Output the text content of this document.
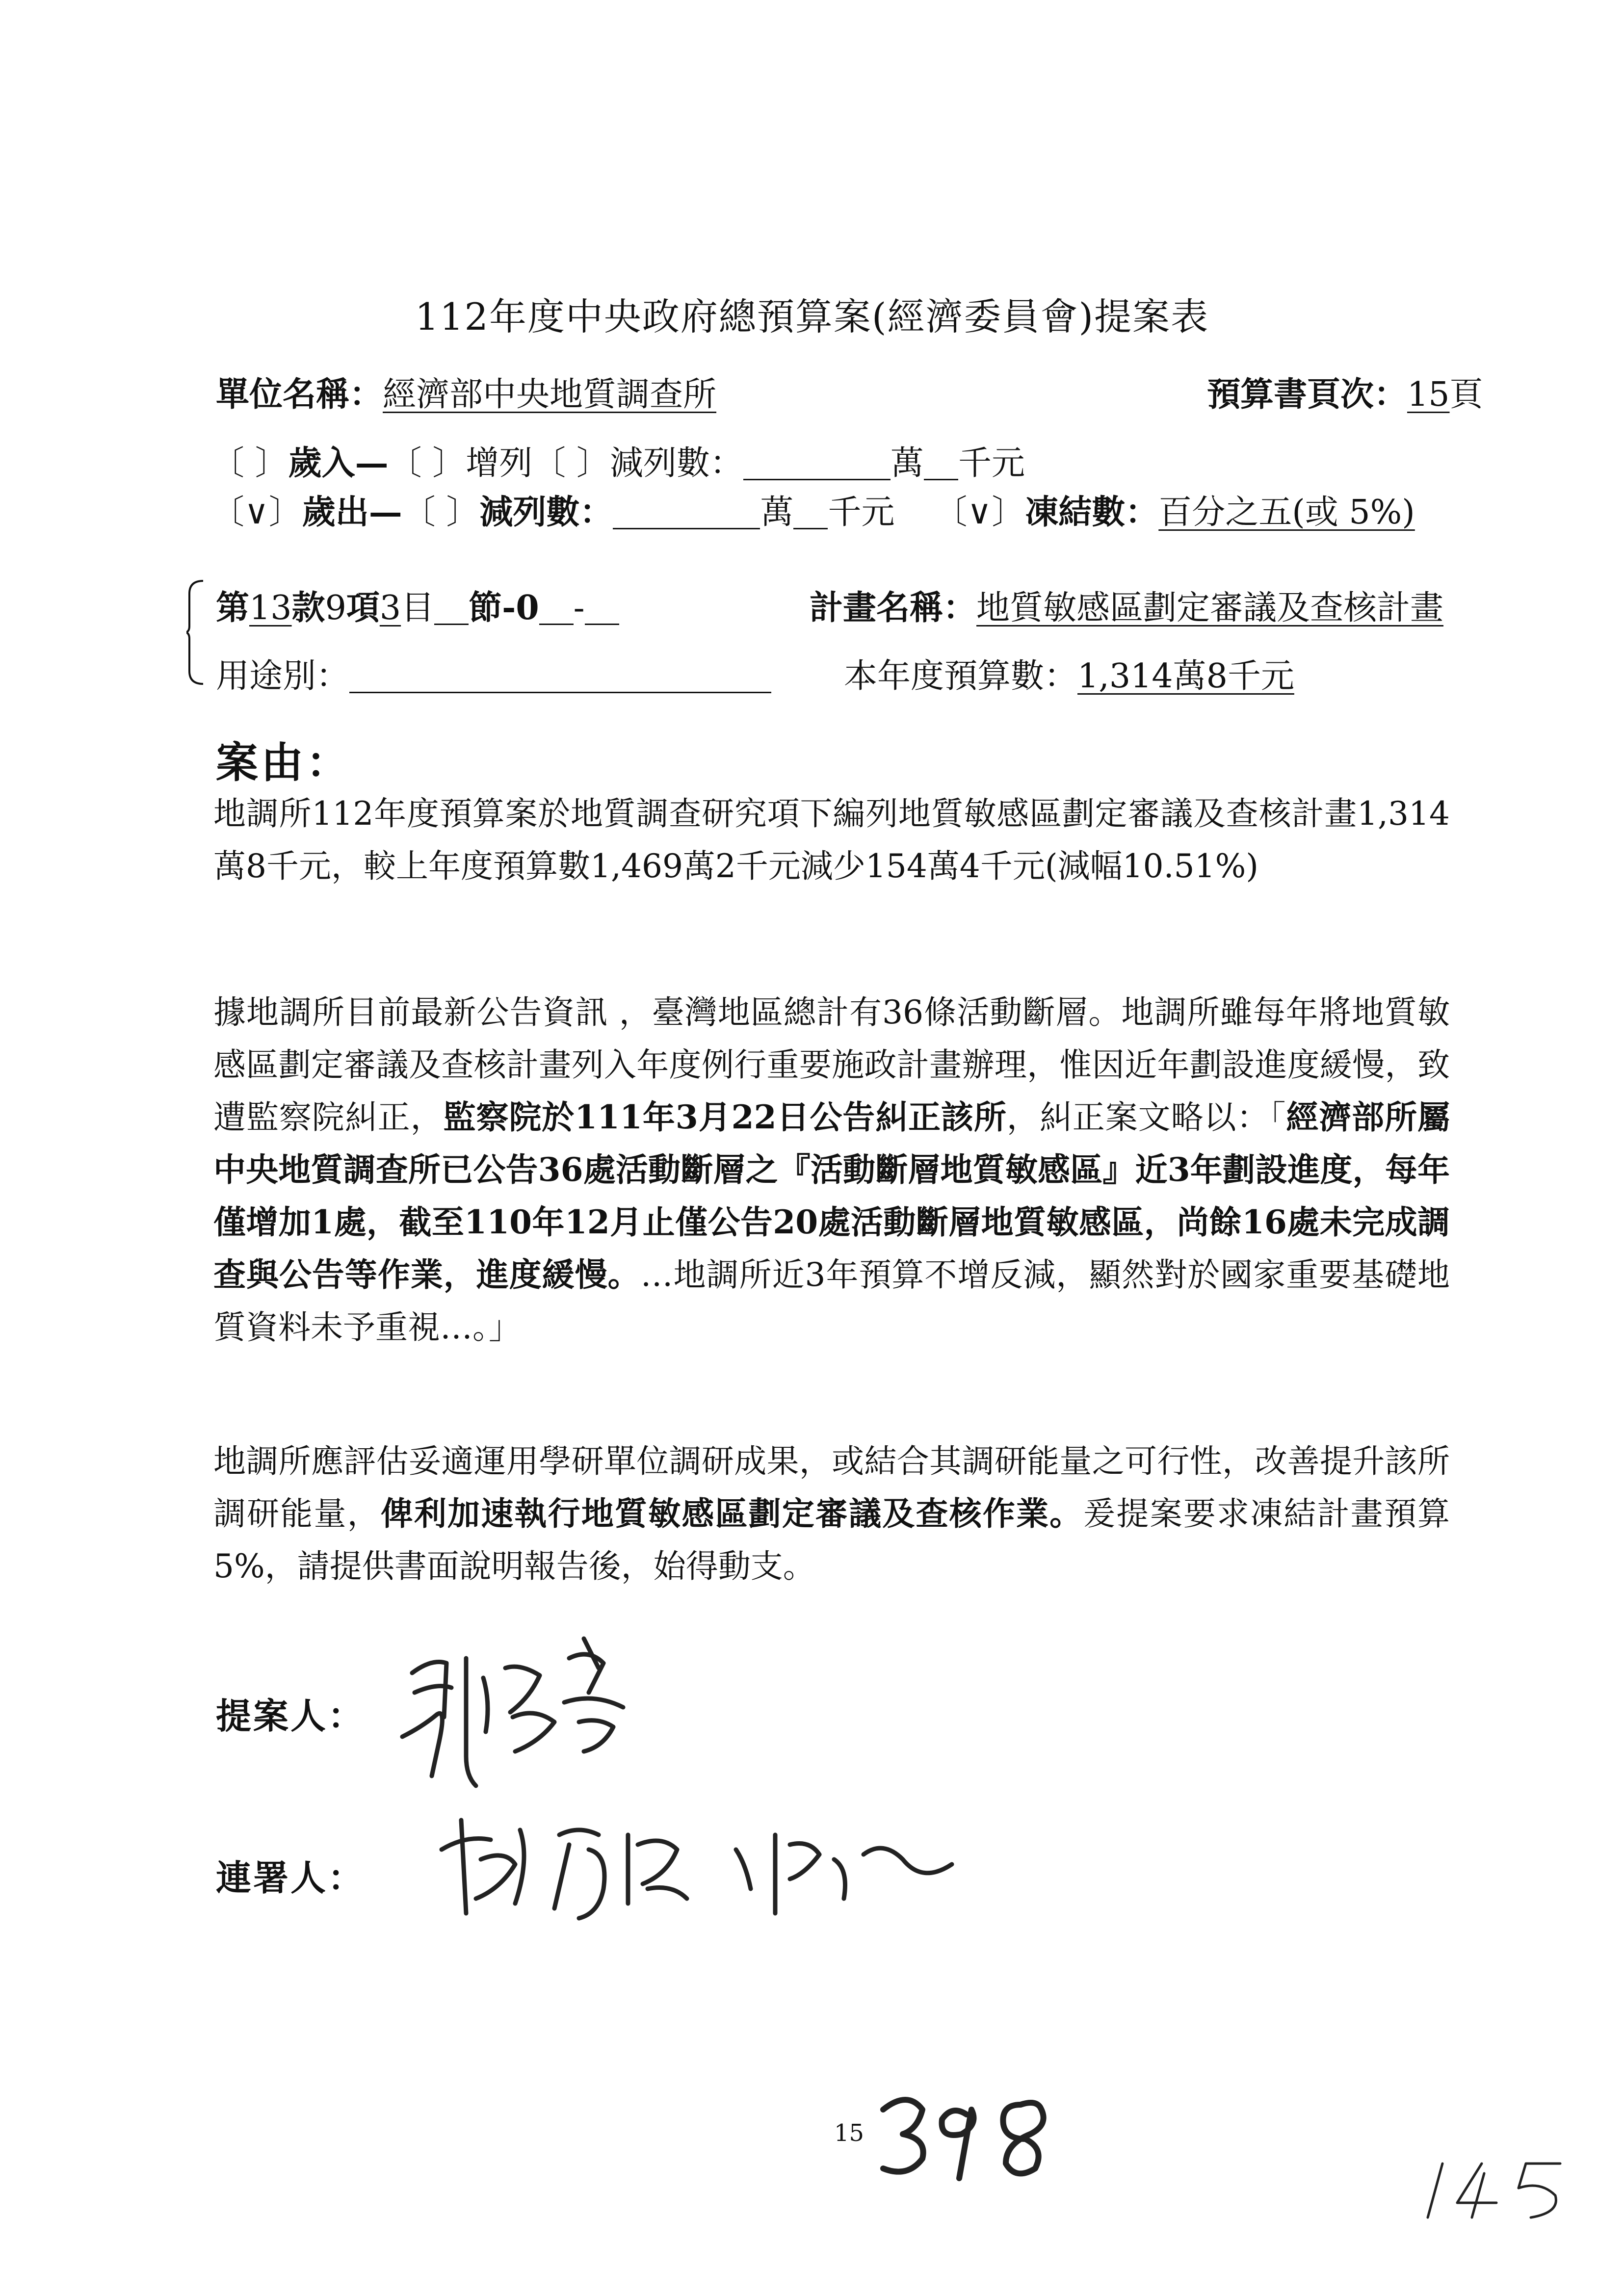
112年度中央政府總預算案(經濟委員會)提案表
單位名稱：經濟部中央地質調查所	預算書頁次：15頁
〔 〕歲入—〔 〕增列〔 〕減列數：	萬 千元
〔∨〕歲出—〔 〕減列數：	萬 千元 〔∨〕凍結數：百分之五(或 5%)
第13款9項3目 節-0 -	計畫名稱：地質敏感區劃定審議及查核計畫
用途別：	本年度預算數：1,314萬8千元
案由：

地調所112年度預算案於地質調查研究項下編列地質敏感區劃定審議及查核計畫1,314萬8千元，較上年度預算數1,469萬2千元減少154萬4千元(減幅10.51%)

據地調所目前最新公告資訊 ，臺灣地區總計有36條活動斷層。地調所雖每年將地質敏感區劃定審議及查核計畫列入年度例行重要施政計畫辦理，惟因近年劃設進度緩慢，致遭監察院糾正，監察院於111年3月22日公告糾正該所，糾正案文略以：「經濟部所屬中央地質調查所已公告36處活動斷層之『活動斷層地質敏感區』近3年劃設進度，每年僅增加1處，截至110年12月止僅公告20處活動斷層地質敏感區，尚餘16處未完成調查與公告等作業，進度緩慢。…地調所近3年預算不增反減，顯然對於國家重要基礎地質資料未予重視…。」

地調所應評估妥適運用學研單位調研成果，或結合其調研能量之可行性，改善提升該所調研能量，俾利加速執行地質敏感區劃定審議及查核作業。爰提案要求凍結計畫預算5%，請提供書面說明報告後，始得動支。

提案人：
連署人：
15
